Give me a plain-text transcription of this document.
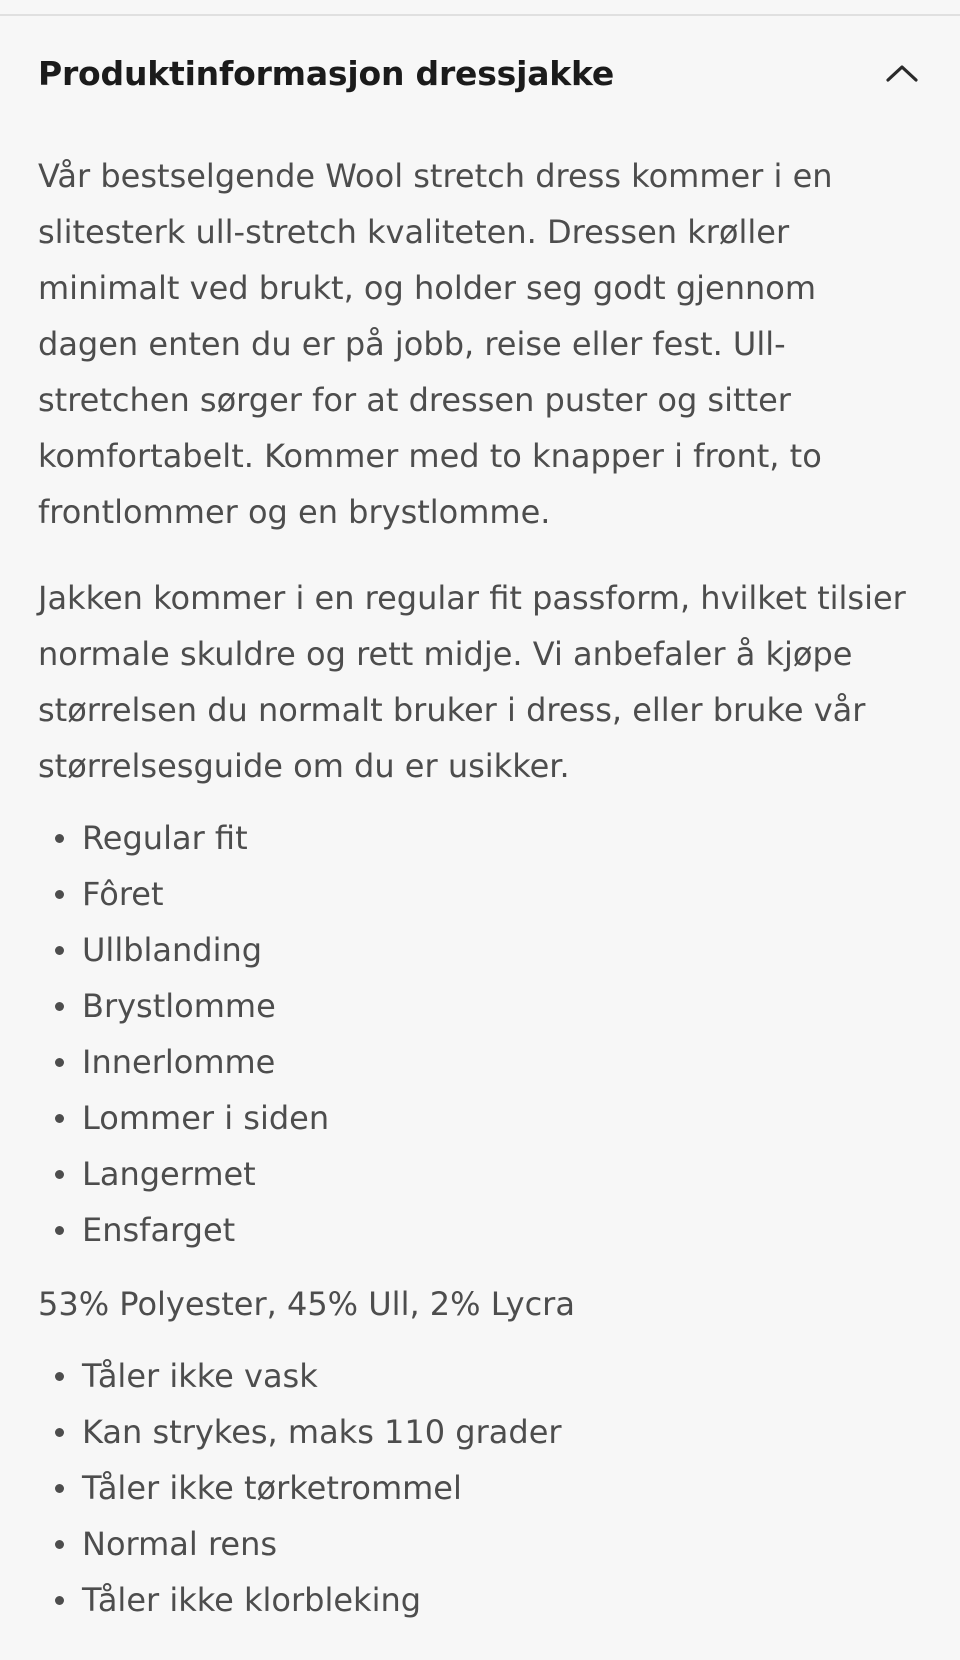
Produktinformasjon dressjakke

Vår bestselgende Wool stretch dress kommer i en slitesterk ull-stretch kvaliteten. Dressen krøller minimalt ved brukt, og holder seg godt gjennom dagen enten du er på jobb, reise eller fest. Ull-stretchen sørger for at dressen puster og sitter komfortabelt. Kommer med to knapper i front, to frontlommer og en brystlomme.

Jakken kommer i en regular fit passform, hvilket tilsier normale skuldre og rett midje. Vi anbefaler å kjøpe størrelsen du normalt bruker i dress, eller bruke vår størrelsesguide om du er usikker.

Regular fit
Fôret
Ullblanding
Brystlomme
Innerlomme
Lommer i siden
Langermet
Ensfarget

53% Polyester, 45% Ull, 2% Lycra

Tåler ikke vask
Kan strykes, maks 110 grader
Tåler ikke tørketrommel
Normal rens
Tåler ikke klorbleking
